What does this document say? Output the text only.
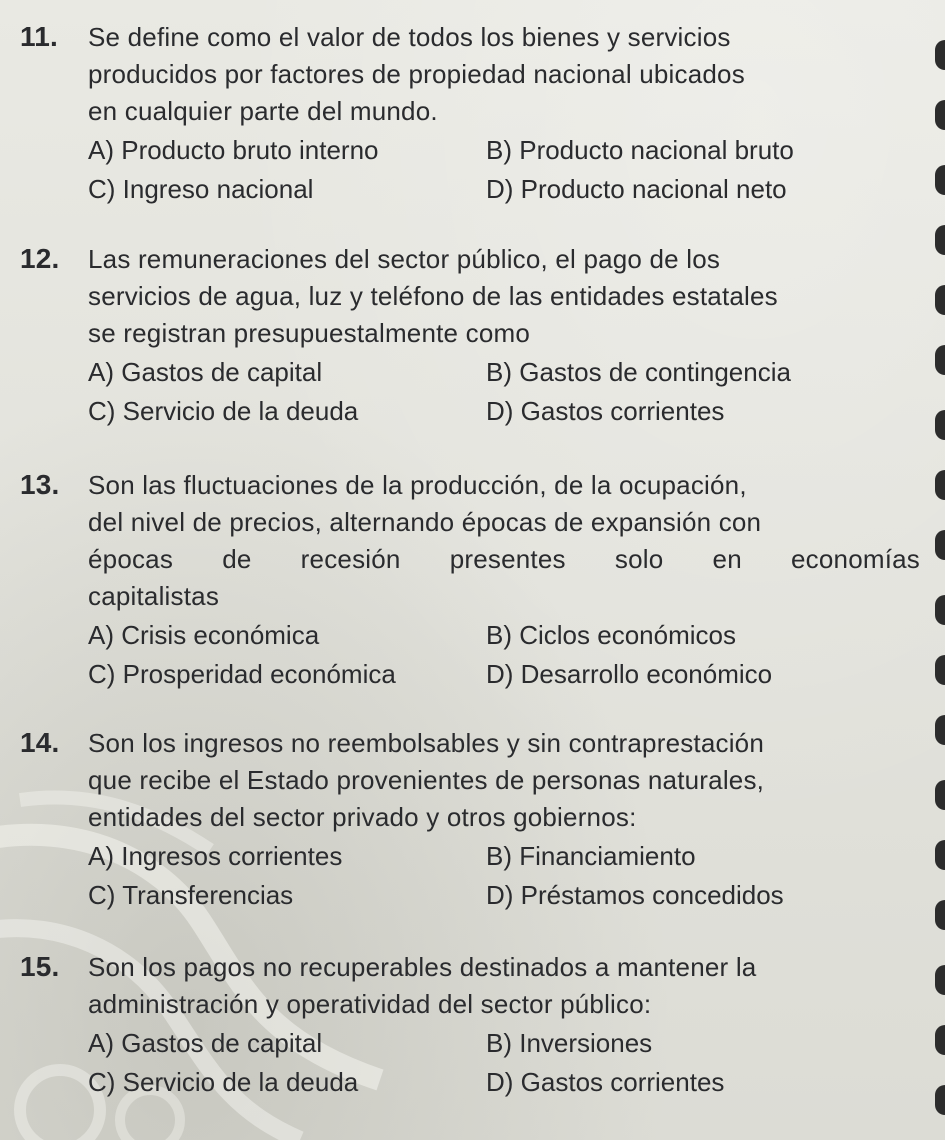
11. Se define como el valor de todos los bienes y servicios
producidos por factores de propiedad nacional ubicados
en cualquier parte del mundo.

A) Producto bruto interno	B) Producto nacional bruto
C) Ingreso nacional	D) Producto nacional neto

12. Las remuneraciones del sector público, el pago de los
servicios de agua, luz y teléfono de las entidades estatales
se registran presupuestalmente como

A) Gastos de capital	B) Gastos de contingencia
C) Servicio de la deuda	D) Gastos corrientes

13. Son las fluctuaciones de la producción, de la ocupación,
del nivel de precios, alternando épocas de expansión con
épocas de recesión presentes solo en economías
capitalistas

A) Crisis económica	B) Ciclos económicos
C) Prosperidad económica	D) Desarrollo económico

14. Son los ingresos no reembolsables y sin contraprestación
que recibe el Estado provenientes de personas naturales,
entidades del sector privado y otros gobiernos:

A) Ingresos corrientes	B) Financiamiento
C) Transferencias	D) Préstamos concedidos

15. Son los pagos no recuperables destinados a mantener la
administración y operatividad del sector público:

A) Gastos de capital	B) Inversiones
C) Servicio de la deuda	D) Gastos corrientes
